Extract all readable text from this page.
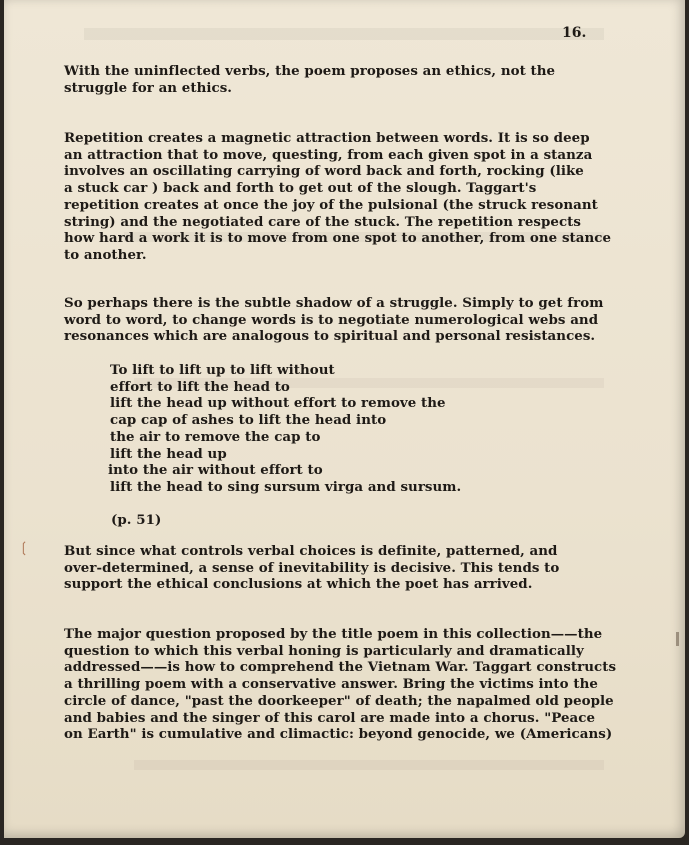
16.
With the uninflected verbs, the poem proposes an ethics, not the
struggle for an ethics.
Repetition creates a magnetic attraction between words. It is so deep
an attraction that to move, questing, from each given spot in a stanza
involves an oscillating carrying of word back and forth, rocking (like
a stuck car ) back and forth to get out of the slough. Taggart's
repetition creates at once the joy of the pulsional (the struck resonant
string) and the negotiated care of the stuck. The repetition respects
how hard a work it is to move from one spot to another, from one stance
to another.
So perhaps there is the subtle shadow of a struggle. Simply to get from
word to word, to change words is to negotiate numerological webs and
resonances which are analogous to spiritual and personal resistances.
To lift to lift up to lift without
effort to lift the head to
lift the head up without effort to remove the
cap cap of ashes to lift the head into
the air to remove the cap to
lift the head up
into the air without effort to
lift the head to sing sursum virga and sursum.
(p. 51)
But since what controls verbal choices is definite, patterned, and
over-determined, a sense of inevitability is decisive. This tends to
support the ethical conclusions at which the poet has arrived.
The major question proposed by the title poem in this collection——the
question to which this verbal honing is particularly and dramatically
addressed——is how to comprehend the Vietnam War. Taggart constructs
a thrilling poem with a conservative answer. Bring the victims into the
circle of dance, "past the doorkeeper" of death; the napalmed old people
and babies and the singer of this carol are made into a chorus. "Peace
on Earth" is cumulative and climactic: beyond genocide, we (Americans)
❲
